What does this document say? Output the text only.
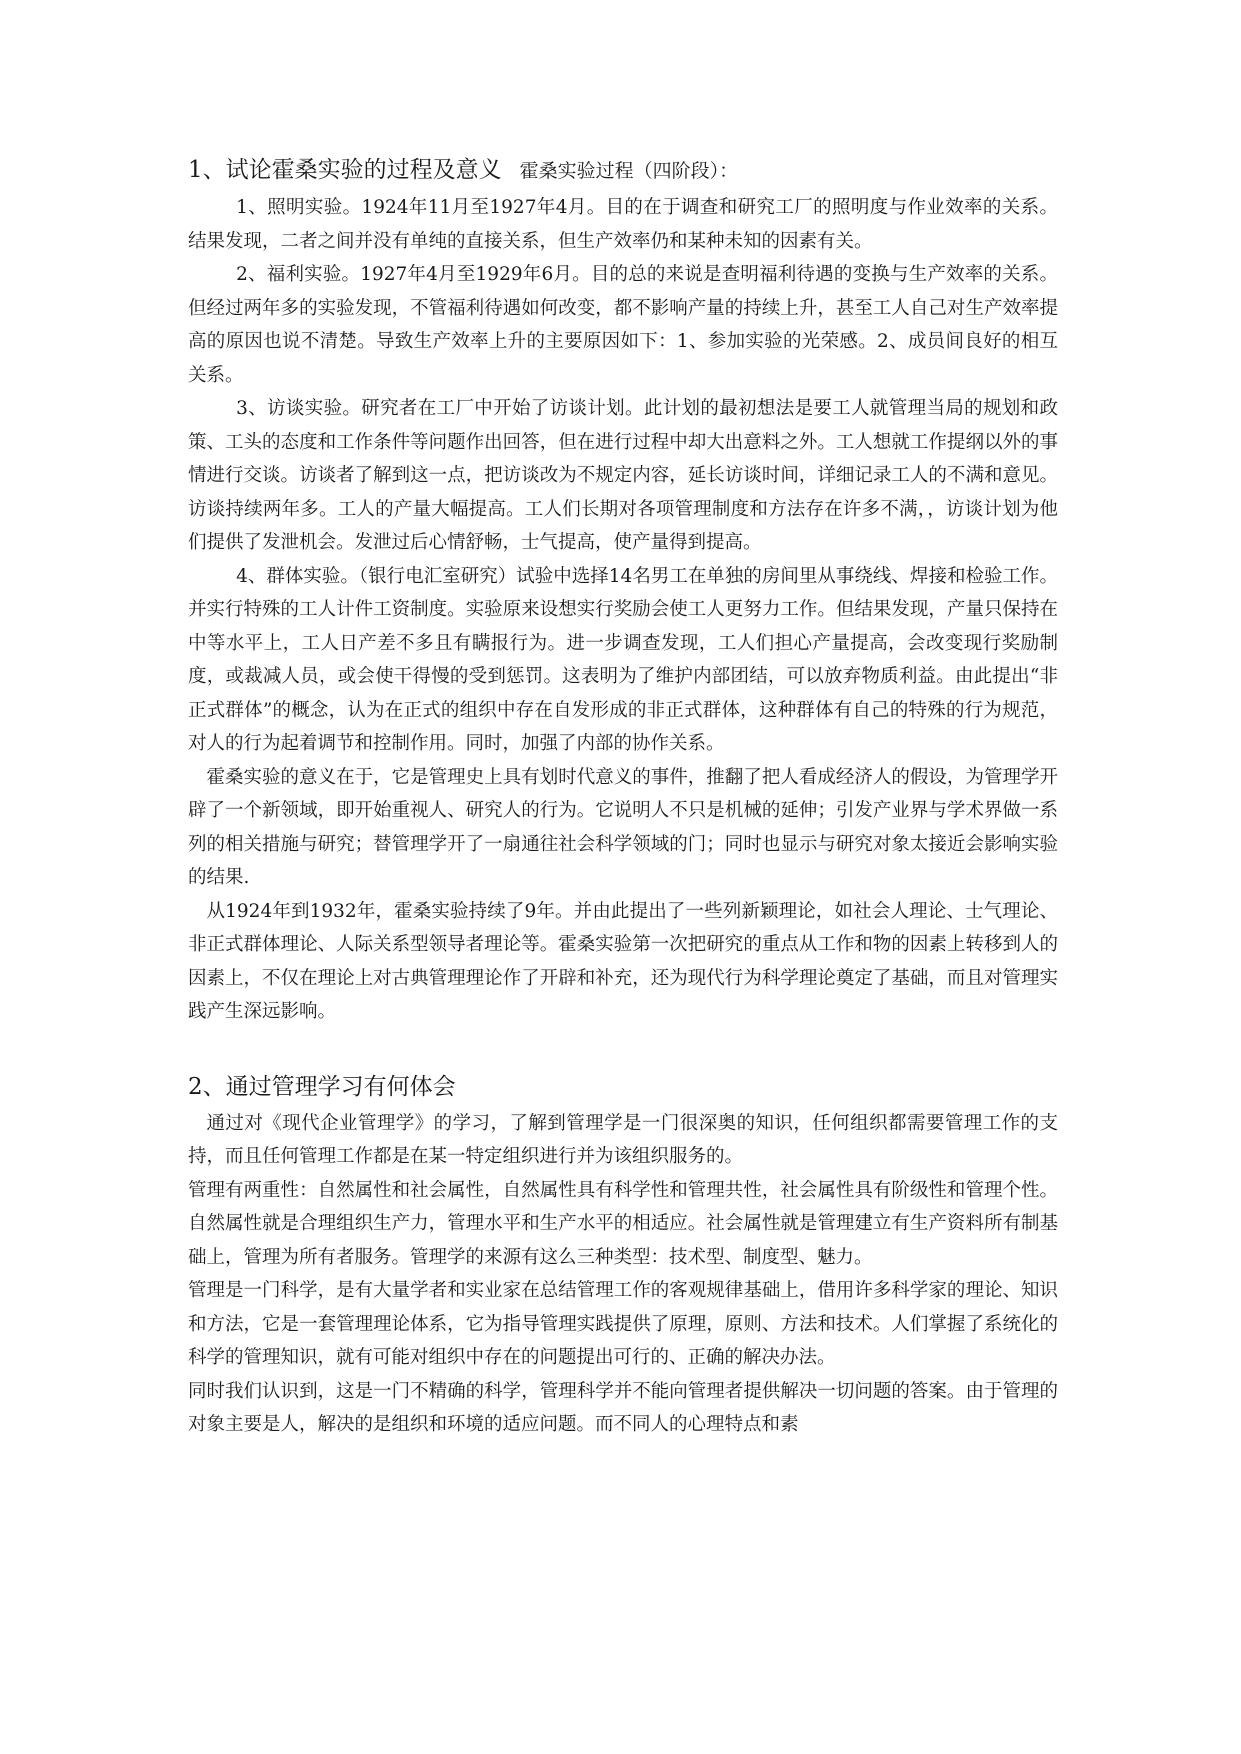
1、试论霍桑实验的过程及意义 霍桑实验过程（四阶段）：

1、照明实验。1924年11月至1927年4月。目的在于调查和研究工厂的照明度与作业效率的关系。结果发现，二者之间并没有单纯的直接关系，但生产效率仍和某种未知的因素有关。

2、福利实验。1927年4月至1929年6月。目的总的来说是查明福利待遇的变换与生产效率的关系。但经过两年多的实验发现，不管福利待遇如何改变，都不影响产量的持续上升，甚至工人自己对生产效率提高的原因也说不清楚。导致生产效率上升的主要原因如下：1、参加实验的光荣感。2、成员间良好的相互关系。

3、访谈实验。研究者在工厂中开始了访谈计划。此计划的最初想法是要工人就管理当局的规划和政策、工头的态度和工作条件等问题作出回答，但在进行过程中却大出意料之外。工人想就工作提纲以外的事情进行交谈。访谈者了解到这一点，把访谈改为不规定内容，延长访谈时间，详细记录工人的不满和意见。访谈持续两年多。工人的产量大幅提高。工人们长期对各项管理制度和方法存在许多不满，，访谈计划为他们提供了发泄机会。发泄过后心情舒畅，士气提高，使产量得到提高。

4、群体实验。（银行电汇室研究）试验中选择14名男工在单独的房间里从事绕线、焊接和检验工作。并实行特殊的工人计件工资制度。实验原来设想实行奖励会使工人更努力工作。但结果发现，产量只保持在中等水平上，工人日产差不多且有瞒报行为。进一步调查发现，工人们担心产量提高，会改变现行奖励制度，或裁减人员，或会使干得慢的受到惩罚。这表明为了维护内部团结，可以放弃物质利益。由此提出“非正式群体”的概念，认为在正式的组织中存在自发形成的非正式群体，这种群体有自己的特殊的行为规范，对人的行为起着调节和控制作用。同时，加强了内部的协作关系。

霍桑实验的意义在于，它是管理史上具有划时代意义的事件，推翻了把人看成经济人的假设，为管理学开辟了一个新领域，即开始重视人、研究人的行为。它说明人不只是机械的延伸；引发产业界与学术界做一系列的相关措施与研究；替管理学开了一扇通往社会科学领域的门；同时也显示与研究对象太接近会影响实验的结果.

从1924年到1932年，霍桑实验持续了9年。并由此提出了一些列新颖理论，如社会人理论、士气理论、非正式群体理论、人际关系型领导者理论等。霍桑实验第一次把研究的重点从工作和物的因素上转移到人的因素上，不仅在理论上对古典管理理论作了开辟和补充，还为现代行为科学理论奠定了基础，而且对管理实践产生深远影响。

2、通过管理学习有何体会

通过对《现代企业管理学》的学习，了解到管理学是一门很深奥的知识，任何组织都需要管理工作的支持，而且任何管理工作都是在某一特定组织进行并为该组织服务的。

管理有两重性：自然属性和社会属性，自然属性具有科学性和管理共性，社会属性具有阶级性和管理个性。自然属性就是合理组织生产力，管理水平和生产水平的相适应。社会属性就是管理建立有生产资料所有制基础上，管理为所有者服务。管理学的来源有这么三种类型：技术型、制度型、魅力。

管理是一门科学，是有大量学者和实业家在总结管理工作的客观规律基础上，借用许多科学家的理论、知识和方法，它是一套管理理论体系，它为指导管理实践提供了原理，原则、方法和技术。人们掌握了系统化的科学的管理知识，就有可能对组织中存在的问题提出可行的、正确的解决办法。

同时我们认识到，这是一门不精确的科学，管理科学并不能向管理者提供解决一切问题的答案。由于管理的对象主要是人，解决的是组织和环境的适应问题。而不同人的心理特点和素
